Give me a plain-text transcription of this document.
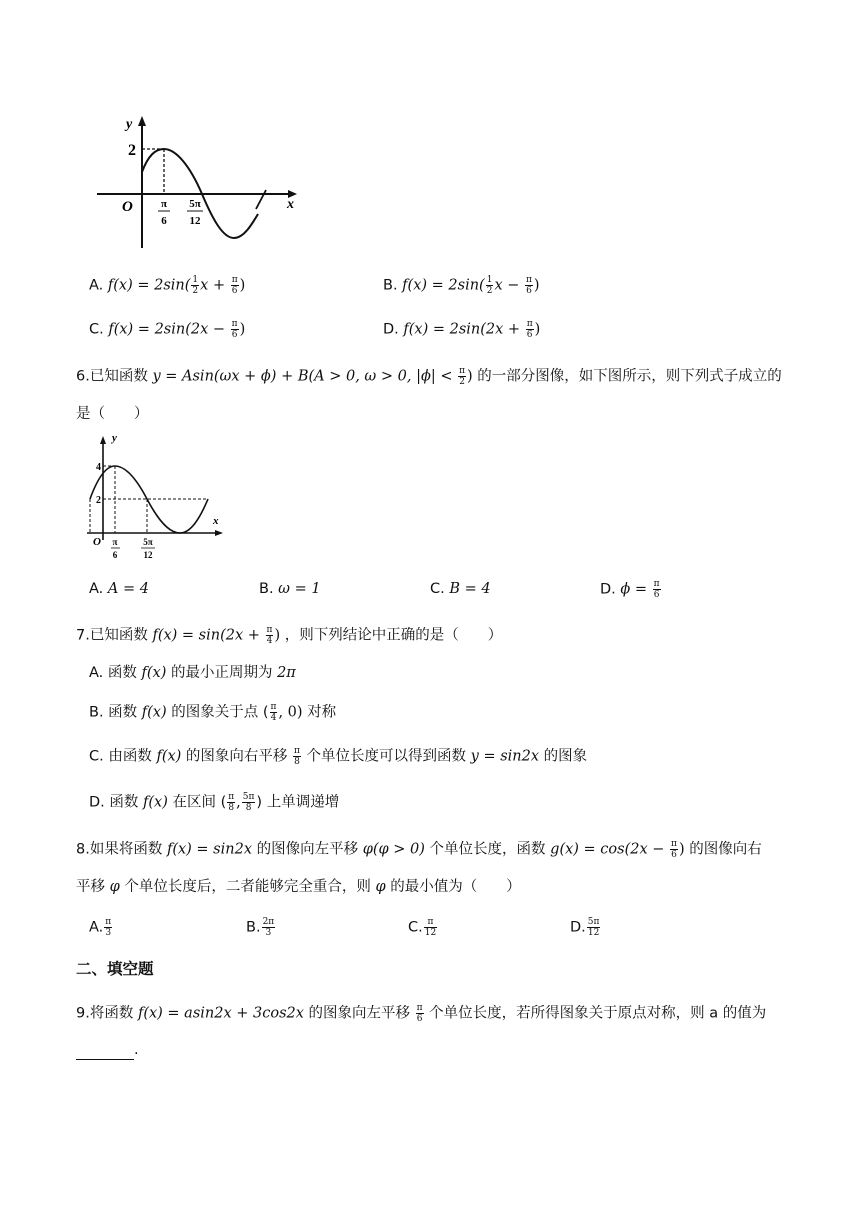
y
x
O
2
π
6
5π
12
A. $f(x) = 2\sin( \frac{1}{2}$ $x + \frac{\pi}{6}$ )	B. $f(x) = 2\sin( \frac{1}{2}$ $x - \frac{\pi}{6}$ )
C. $f(x) = 2\sin(2x - \frac{\pi}{6}$ )	D. $f(x) = 2\sin(2x + \frac{\pi}{6}$ )
6.已知函数 y = Asin(ωx + ϕ) + B(A > 0, ω > 0, $|\phi| < \frac{\pi}{2}$ ) 的一部分图像，如下图所示，则下列式子成立的
是（　　）
y
x
O
4
2
π
6
5π
12
A. A = 4	B. ω = 1	C. B = 4	D. $\phi = \frac{\pi}{6}$
7.已知函数 $f(x) = \sin(2x + \frac{\pi}{4}$ ) ，则下列结论中正确的是（　　）
A. 函数 f(x) 的最小正周期为 2π
B. 函数 f(x) 的图象关于点 ( $\frac{\pi}{4}$ , 0) 对称
C. 由函数 f(x) 的图象向右平移 $\frac{\pi}{8}$ 个单位长度可以得到函数 y = sin2x 的图象
D. 函数 f(x) 在区间 ( $\frac{\pi}{8}$ , $\frac{5\pi}{8}$ ) 上单调递增
8.如果将函数 f(x) = sin2x 的图像向左平移 φ(φ > 0) 个单位长度，函数 $g(x) = \cos(2x - \frac{\pi}{6}$ ) 的图像向右
平移 φ 个单位长度后，二者能够完全重合，则 φ 的最小值为（　　）
A. $\frac{\pi}{3}$	B. $\frac{2\pi}{3}$	C. $\frac{\pi}{12}$	D. $\frac{5\pi}{12}$
二、填空题
9.将函数 f(x) = asin2x + 3cos2x 的图象向左平移 $\frac{\pi}{6}$ 个单位长度，若所得图象关于原点对称，则 a 的值为
.
